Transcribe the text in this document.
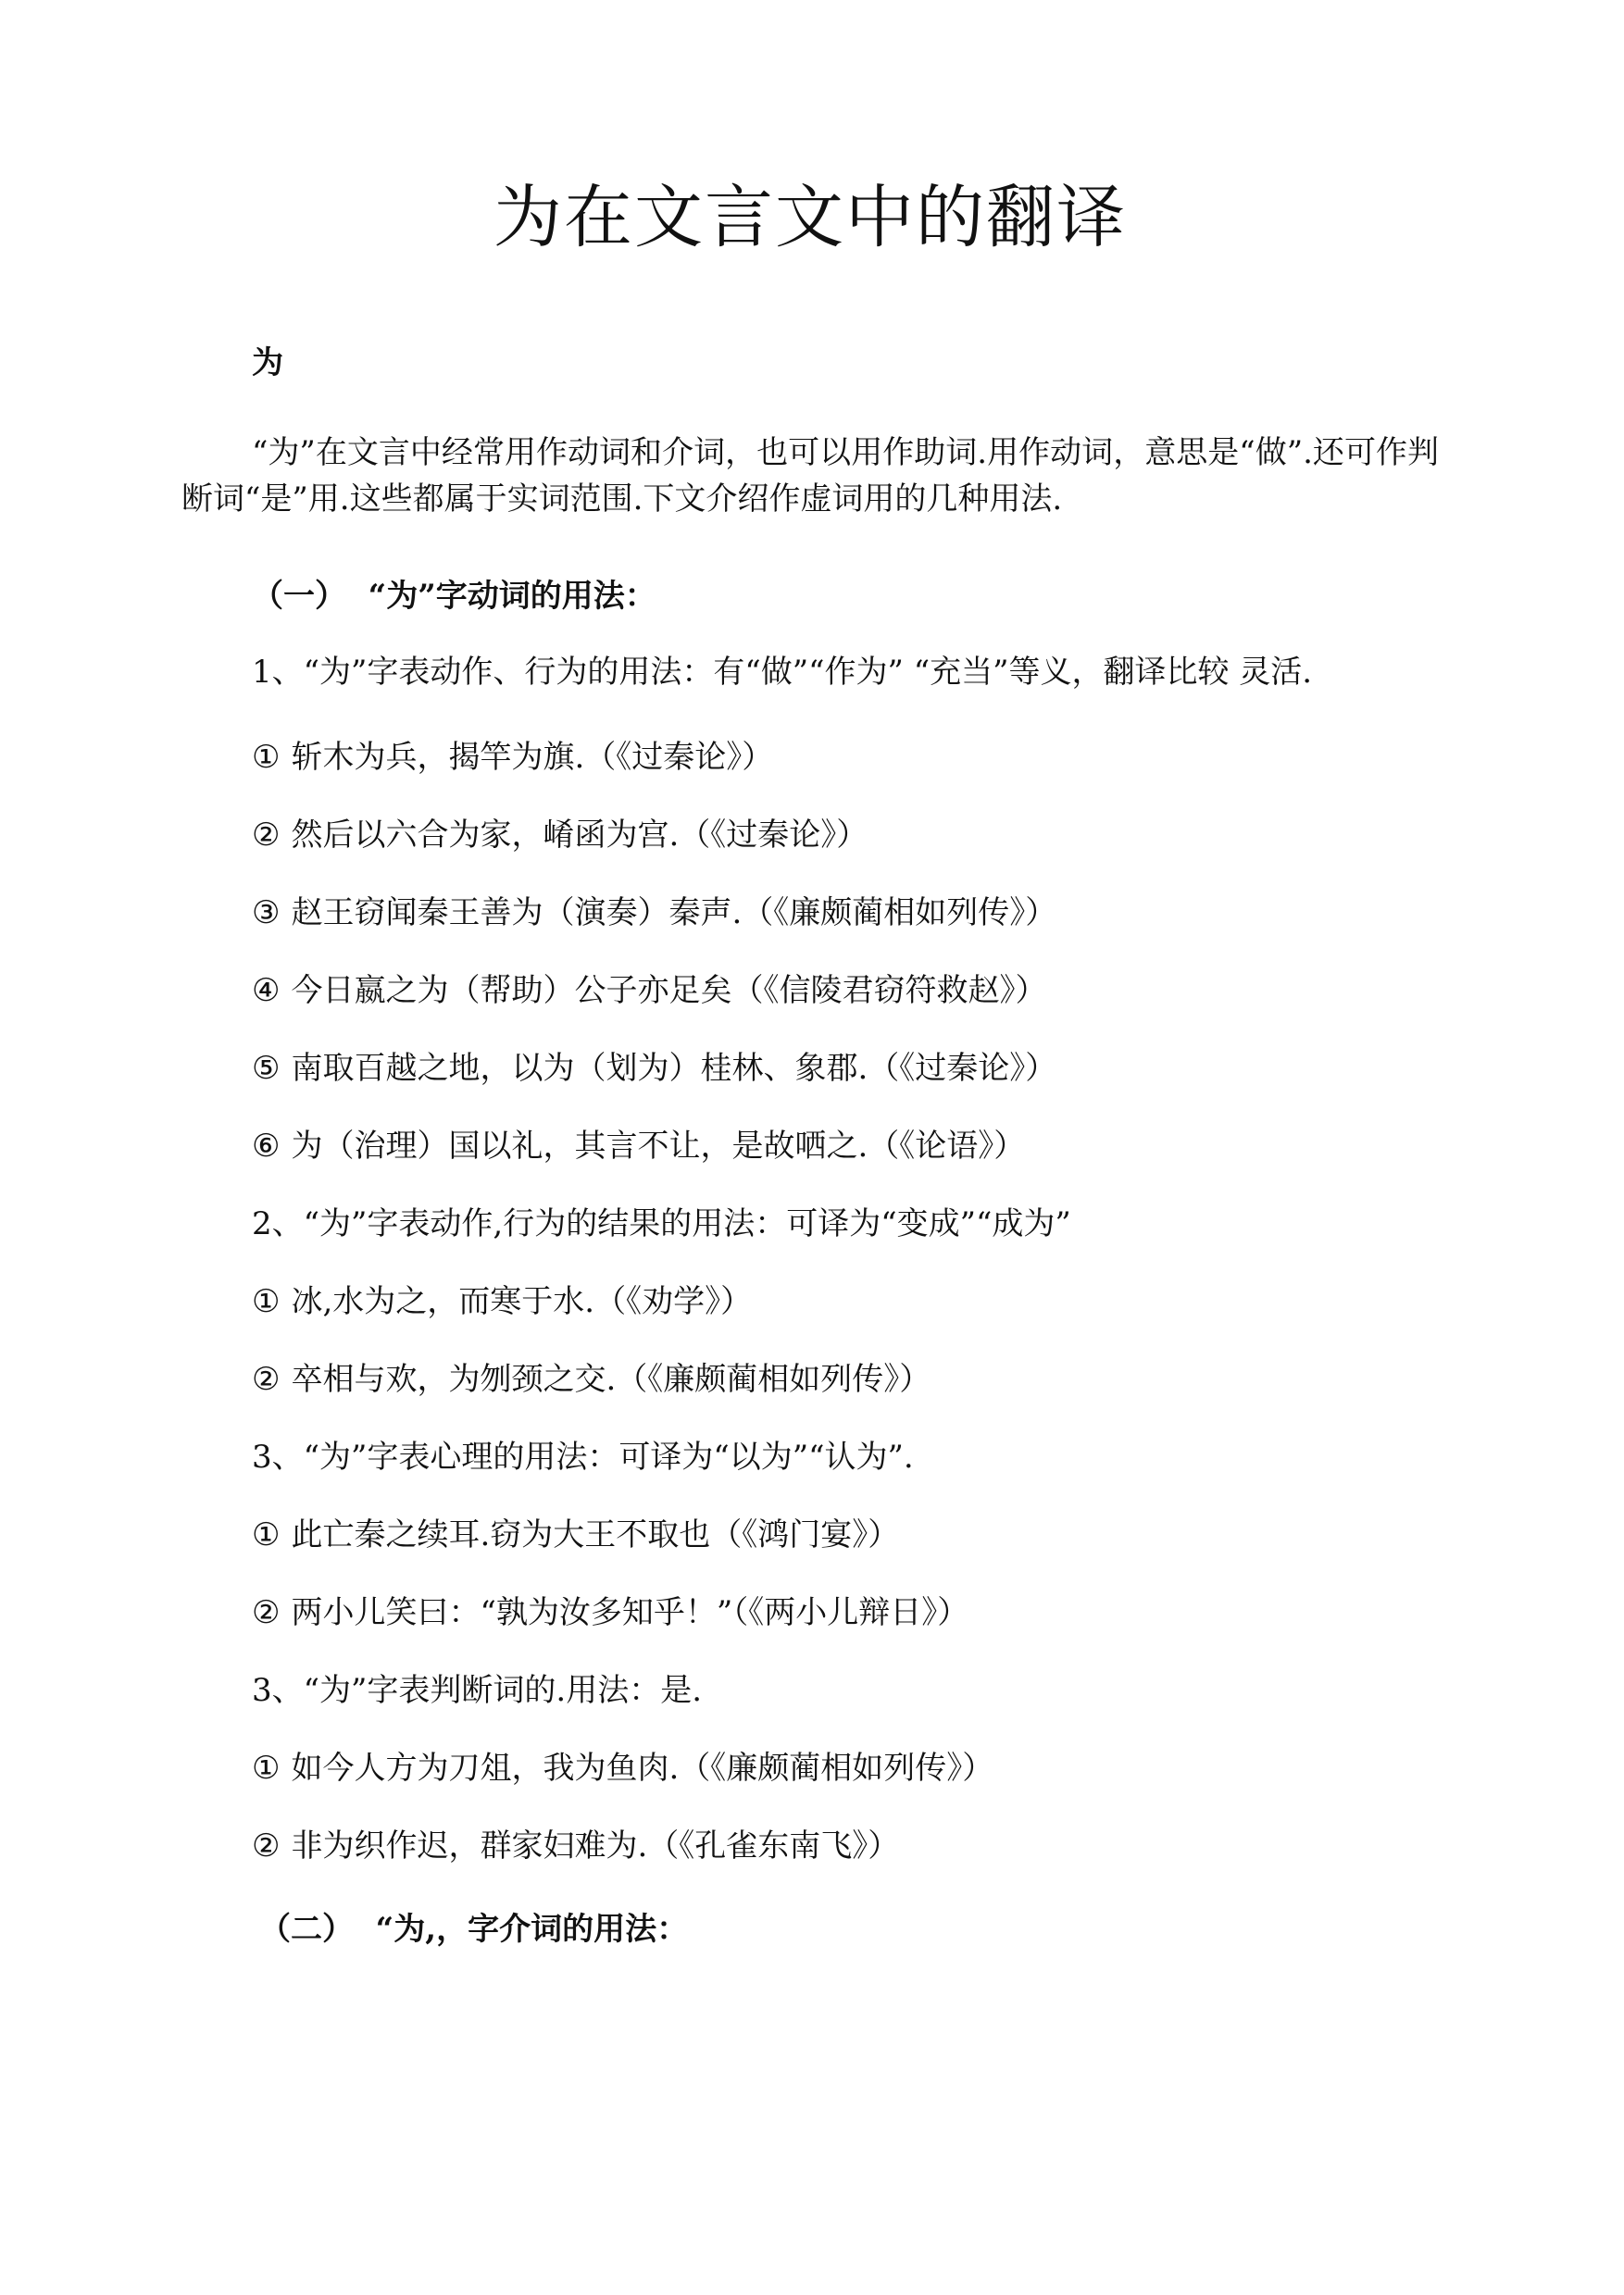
为在文言文中的翻译
为
“为”在文言中经常用作动词和介词，也可以用作助词.用作动词，意思是“做”.还可作判断词“是”用.这些都属于实词范围.下文介绍作虚词用的几种用法.
（一）  “为”字动词的用法：
1、“为”字表动作、行为的用法：有“做”“作为” “充当”等义，翻译比较 灵活.
① 斩木为兵，揭竿为旗.（《过秦论》）
② 然后以六合为家，崤函为宫.（《过秦论》）
③ 赵王窃闻秦王善为（演奏）秦声.（《廉颇蔺相如列传》）
④ 今日嬴之为（帮助）公子亦足矣（《信陵君窃符救赵》）
⑤ 南取百越之地，以为（划为）桂林、象郡.（《过秦论》）
⑥ 为（治理）国以礼，其言不让，是故哂之.（《论语》）
2、“为”字表动作,行为的结果的用法：可译为“变成”“成为”
① 冰,水为之，而寒于水.（《劝学》）
② 卒相与欢，为刎颈之交.（《廉颇蔺相如列传》）
3、“为”字表心理的用法：可译为“以为”“认为”.
① 此亡秦之续耳.窃为大王不取也（《鸿门宴》）
② 两小儿笑曰：“孰为汝多知乎！”（《两小儿辩日》）
3、“为”字表判断词的.用法：是.
① 如今人方为刀俎，我为鱼肉.（《廉颇蔺相如列传》）
② 非为织作迟，群家妇难为.（《孔雀东南飞》）
（二）  “为,，字介词的用法：
